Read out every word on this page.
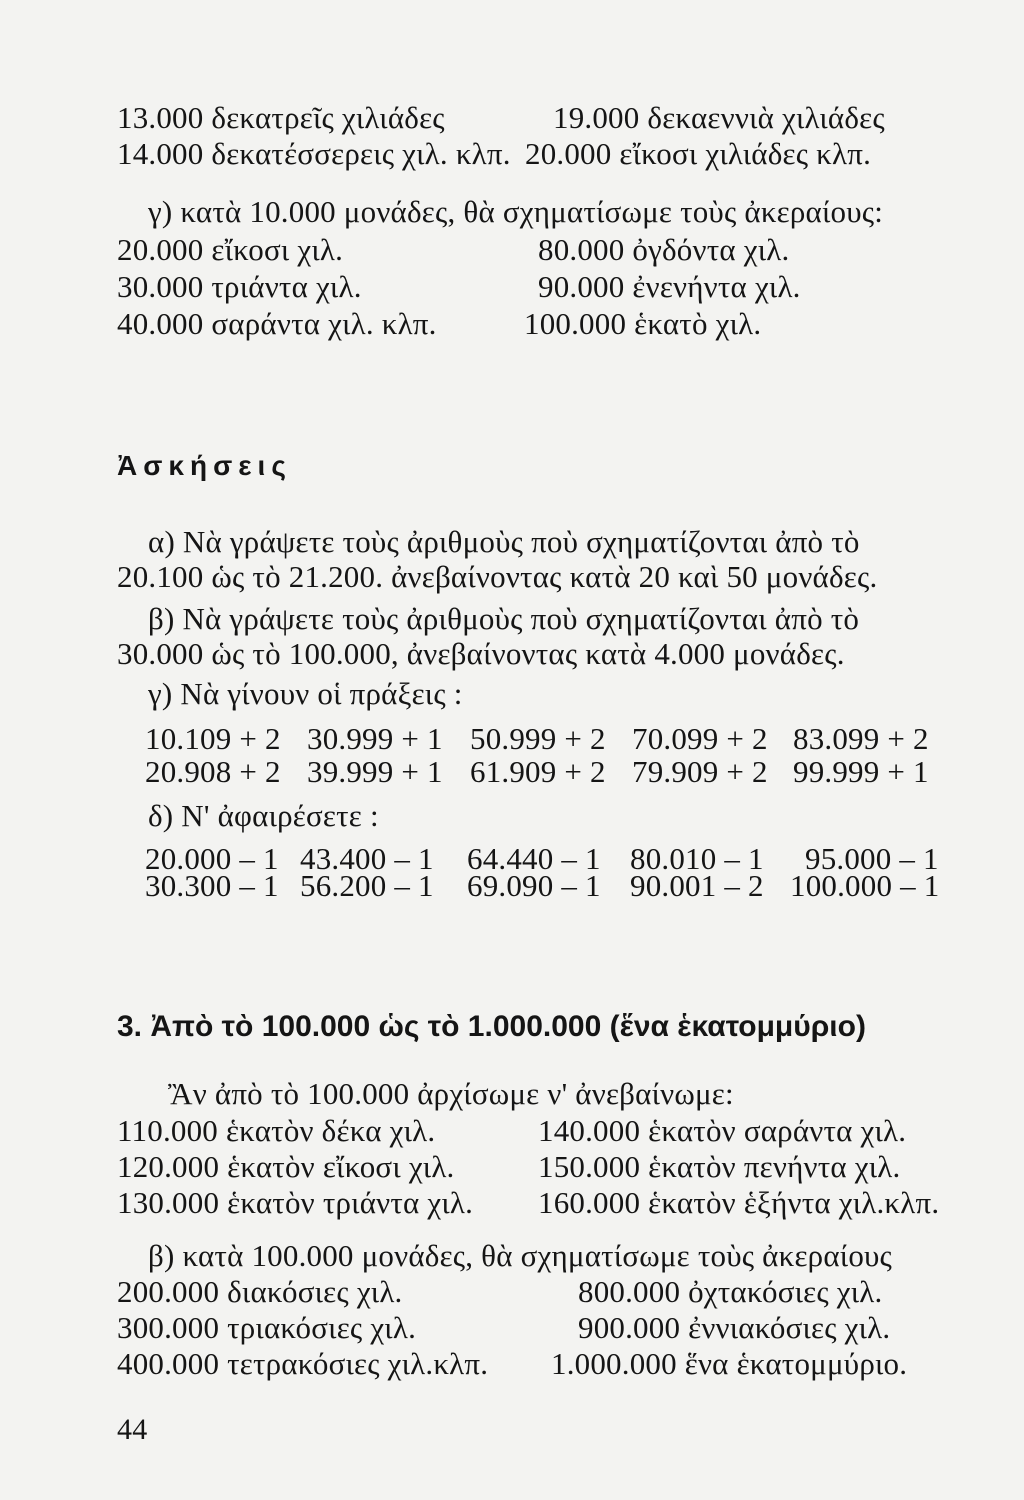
13.000 δεκατρεῖς χιλιάδες	19.000 δεκαεννιὰ χιλιάδες
14.000 δεκατέσσερεις χιλ. κλπ. 20.000 εἴκοσι χιλιάδες κλπ.
γ) κατὰ 10.000 μονάδες, θὰ σχηματίσωμε τοὺς ἀκεραίους:
20.000 εἴκοσι χιλ.	80.000 ὀγδόντα χιλ.
30.000 τριάντα χιλ.	90.000 ἐνενήντα χιλ.
40.000 σαράντα χιλ. κλπ.	100.000 ἑκατὸ χιλ.
Ἀσκήσεις
α) Νὰ γράψετε τοὺς ἀριθμοὺς ποὺ σχηματίζονται ἀπὸ τὸ
20.100 ὡς τὸ 21.200. ἀνεβαίνοντας κατὰ 20 καὶ 50 μονάδες.
β) Νὰ γράψετε τοὺς ἀριθμοὺς ποὺ σχηματίζονται ἀπὸ τὸ
30.000 ὡς τὸ 100.000, ἀνεβαίνοντας κατὰ 4.000 μονάδες.
γ) Νὰ γίνουν οἱ πράξεις :
10.109 + 2 30.999 + 1 50.999 + 2 70.099 + 2 83.099 + 2
20.908 + 2 39.999 + 1 61.909 + 2 79.909 + 2 99.999 + 1
δ) Ν' ἀφαιρέσετε :
20.000 – 1 43.400 – 1 64.440 – 1 80.010 – 1 95.000 – 1
30.300 – 1 56.200 – 1 69.090 – 1 90.001 – 2 100.000 – 1
3. Ἀπὸ τὸ 100.000 ὡς τὸ 1.000.000 (ἕνα ἑκατομμύριο)
Ἂν ἀπὸ τὸ 100.000 ἀρχίσωμε ν' ἀνεβαίνωμε:
110.000 ἑκατὸν δέκα χιλ.	140.000 ἑκατὸν σαράντα χιλ.
120.000 ἑκατὸν εἴκοσι χιλ.	150.000 ἑκατὸν πενήντα χιλ.
130.000 ἑκατὸν τριάντα χιλ. 160.000 ἑκατὸν ἑξήντα χιλ.κλπ.
β) κατὰ 100.000 μονάδες, θὰ σχηματίσωμε τοὺς ἀκεραίους
200.000 διακόσιες χιλ.	800.000 ὀχτακόσιες χιλ.
300.000 τριακόσιες χιλ.	900.000 ἐννιακόσιες χιλ.
400.000 τετρακόσιες χιλ.κλπ. 1.000.000 ἕνα ἑκατομμύριο.
44
